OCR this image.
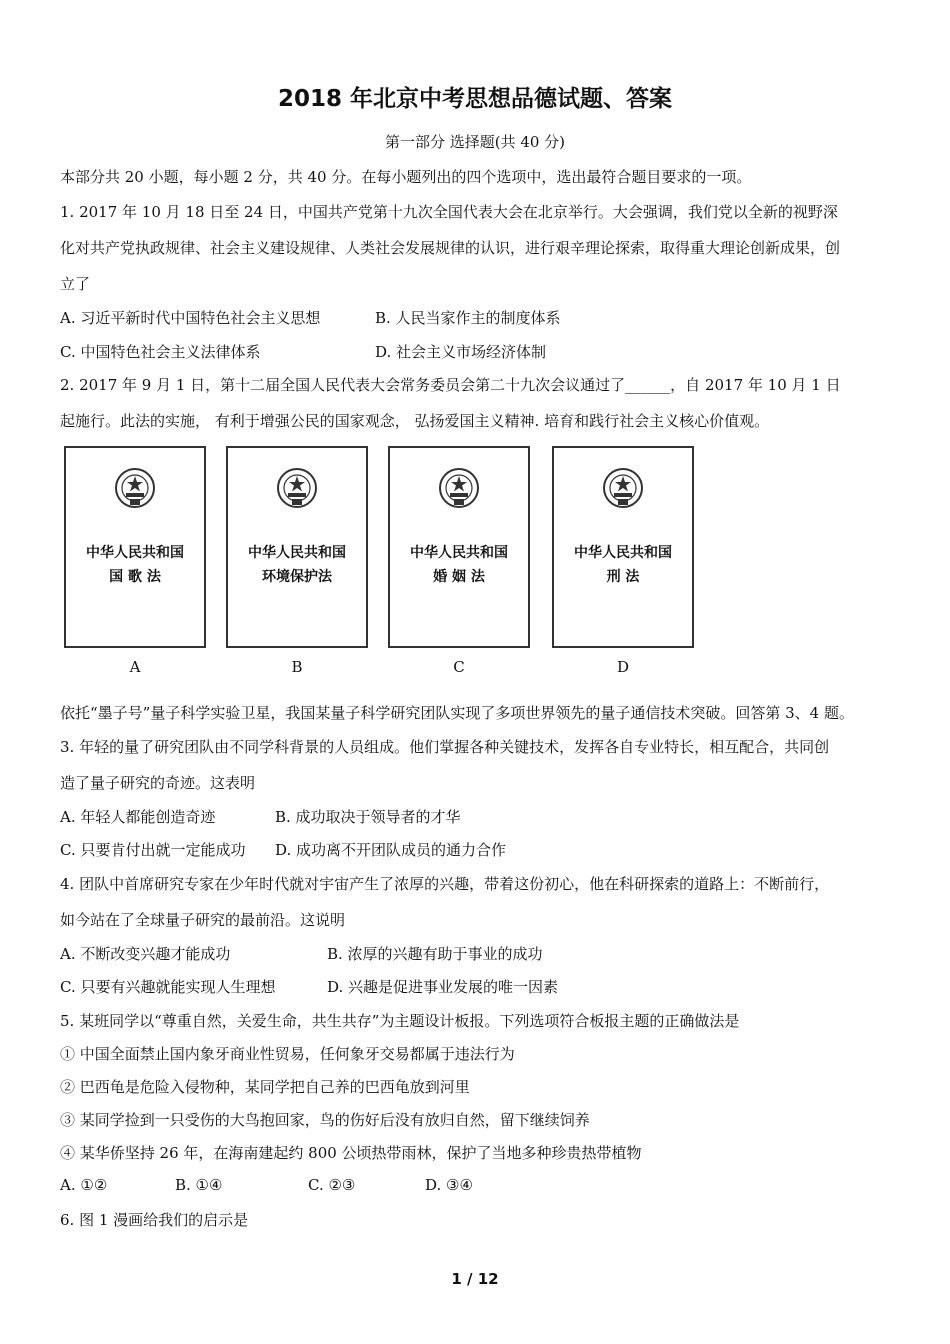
2018 年北京中考思想品德试题、答案
第一部分 选择题(共 40 分)
本部分共 20 小题，每小题 2 分，共 40 分。在每小题列出的四个选项中，选出最符合题目要求的一项。
1. 2017 年 10 月 18 日至 24 日，中国共产党第十九次全国代表大会在北京举行。大会强调，我们党以全新的视野深
化对共产党执政规律、社会主义建设规律、人类社会发展规律的认识，进行艰辛理论探索，取得重大理论创新成果，创
立了
A. 习近平新时代中国特色社会主义思想	B. 人民当家作主的制度体系
C. 中国特色社会主义法律体系	D. 社会主义市场经济体制
2. 2017 年 9 月 1 日，第十二届全国人民代表大会常务委员会第二十九次会议通过了______，自 2017 年 10 月 1 日
起施行。此法的实施， 有利于增强公民的国家观念， 弘扬爱国主义精神. 培育和践行社会主义核心价值观。
中华人民共和国
国 歌 法
A
中华人民共和国
环境保护法
B
中华人民共和国
婚 姻 法
C
中华人民共和国
刑 法
D
依托“墨子号”量子科学实验卫星，我国某量子科学研究团队实现了多项世界领先的量子通信技术突破。回答第 3、4 题。
3. 年轻的量了研究团队由不同学科背景的人员组成。他们掌握各种关键技术，发挥各自专业特长，相互配合，共同创
造了量子研究的奇迹。这表明
A. 年轻人都能创造奇迹	B. 成功取决于领导者的才华
C. 只要肯付出就一定能成功 D. 成功离不开团队成员的通力合作
4. 团队中首席研究专家在少年时代就对宇宙产生了浓厚的兴趣，带着这份初心，他在科研探索的道路上：不断前行，
如今站在了全球量子研究的最前沿。这说明
A. 不断改变兴趣才能成功	B. 浓厚的兴趣有助于事业的成功
C. 只要有兴趣就能实现人生理想	D. 兴趣是促进事业发展的唯一因素
5. 某班同学以“尊重自然，关爱生命，共生共存”为主题设计板报。下列选项符合板报主题的正确做法是
① 中国全面禁止国内象牙商业性贸易，任何象牙交易都属于违法行为
② 巴西龟是危险入侵物种，某同学把自己养的巴西龟放到河里
③ 某同学捡到一只受伤的大鸟抱回家，鸟的伤好后没有放归自然，留下继续饲养
④ 某华侨坚持 26 年，在海南建起约 800 公顷热带雨林，保护了当地多种珍贵热带植物
A. ①②	B. ①④	C. ②③	D. ③④
6. 图 1 漫画给我们的启示是
1 / 12
